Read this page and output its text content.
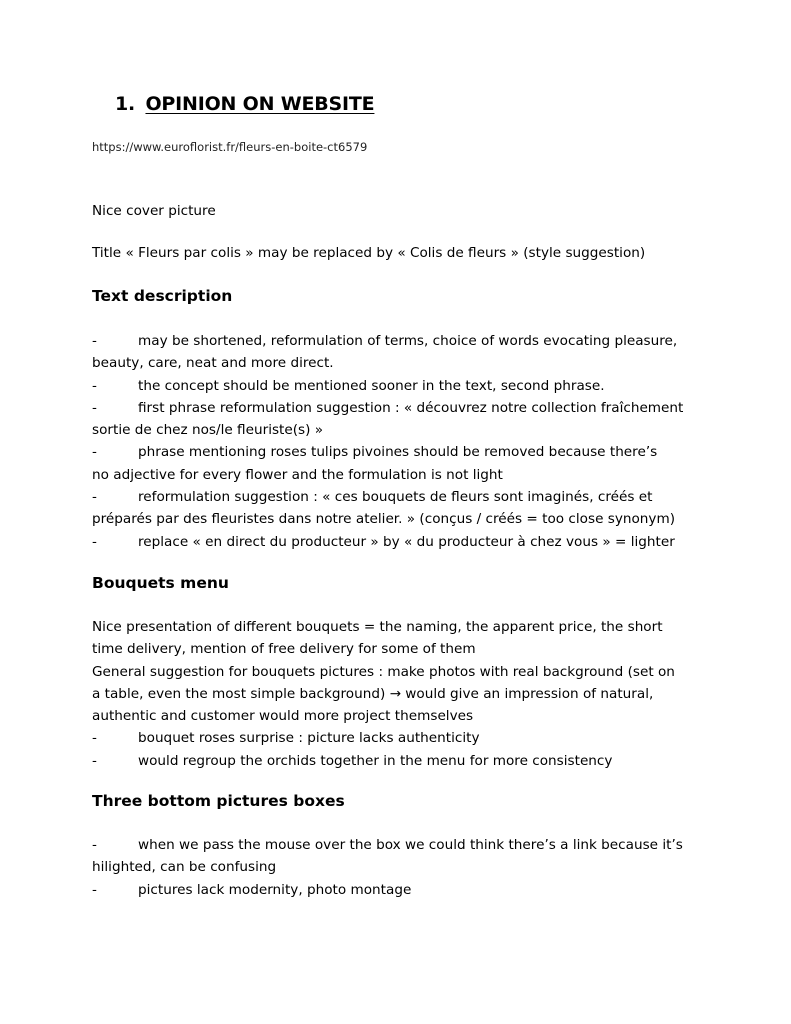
1. OPINION ON WEBSITE
https://www.euroflorist.fr/fleurs-en-boite-ct6579
Nice cover picture
Title « Fleurs par colis » may be replaced by « Colis de fleurs » (style suggestion)
Text description
-	may be shortened, reformulation of terms, choice of words evocating pleasure,
beauty, care, neat and more direct.
-	the concept should be mentioned sooner in the text, second phrase.
-	first phrase reformulation suggestion : « découvrez notre collection fraîchement
sortie de chez nos/le fleuriste(s) »
-	phrase mentioning roses tulips pivoines should be removed because there’s
no adjective for every flower and the formulation is not light
-	reformulation suggestion : « ces bouquets de fleurs sont imaginés, créés et
préparés par des fleuristes dans notre atelier. » (conçus / créés = too close synonym)
-	replace « en direct du producteur » by « du producteur à chez vous » = lighter
Bouquets menu
Nice presentation of different bouquets = the naming, the apparent price, the short
time delivery, mention of free delivery for some of them
General suggestion for bouquets pictures : make photos with real background (set on
a table, even the most simple background) → would give an impression of natural,
authentic and customer would more project themselves
-	bouquet roses surprise : picture lacks authenticity
-	would regroup the orchids together in the menu for more consistency
Three bottom pictures boxes
-	when we pass the mouse over the box we could think there’s a link because it’s
hilighted, can be confusing
-	pictures lack modernity, photo montage
